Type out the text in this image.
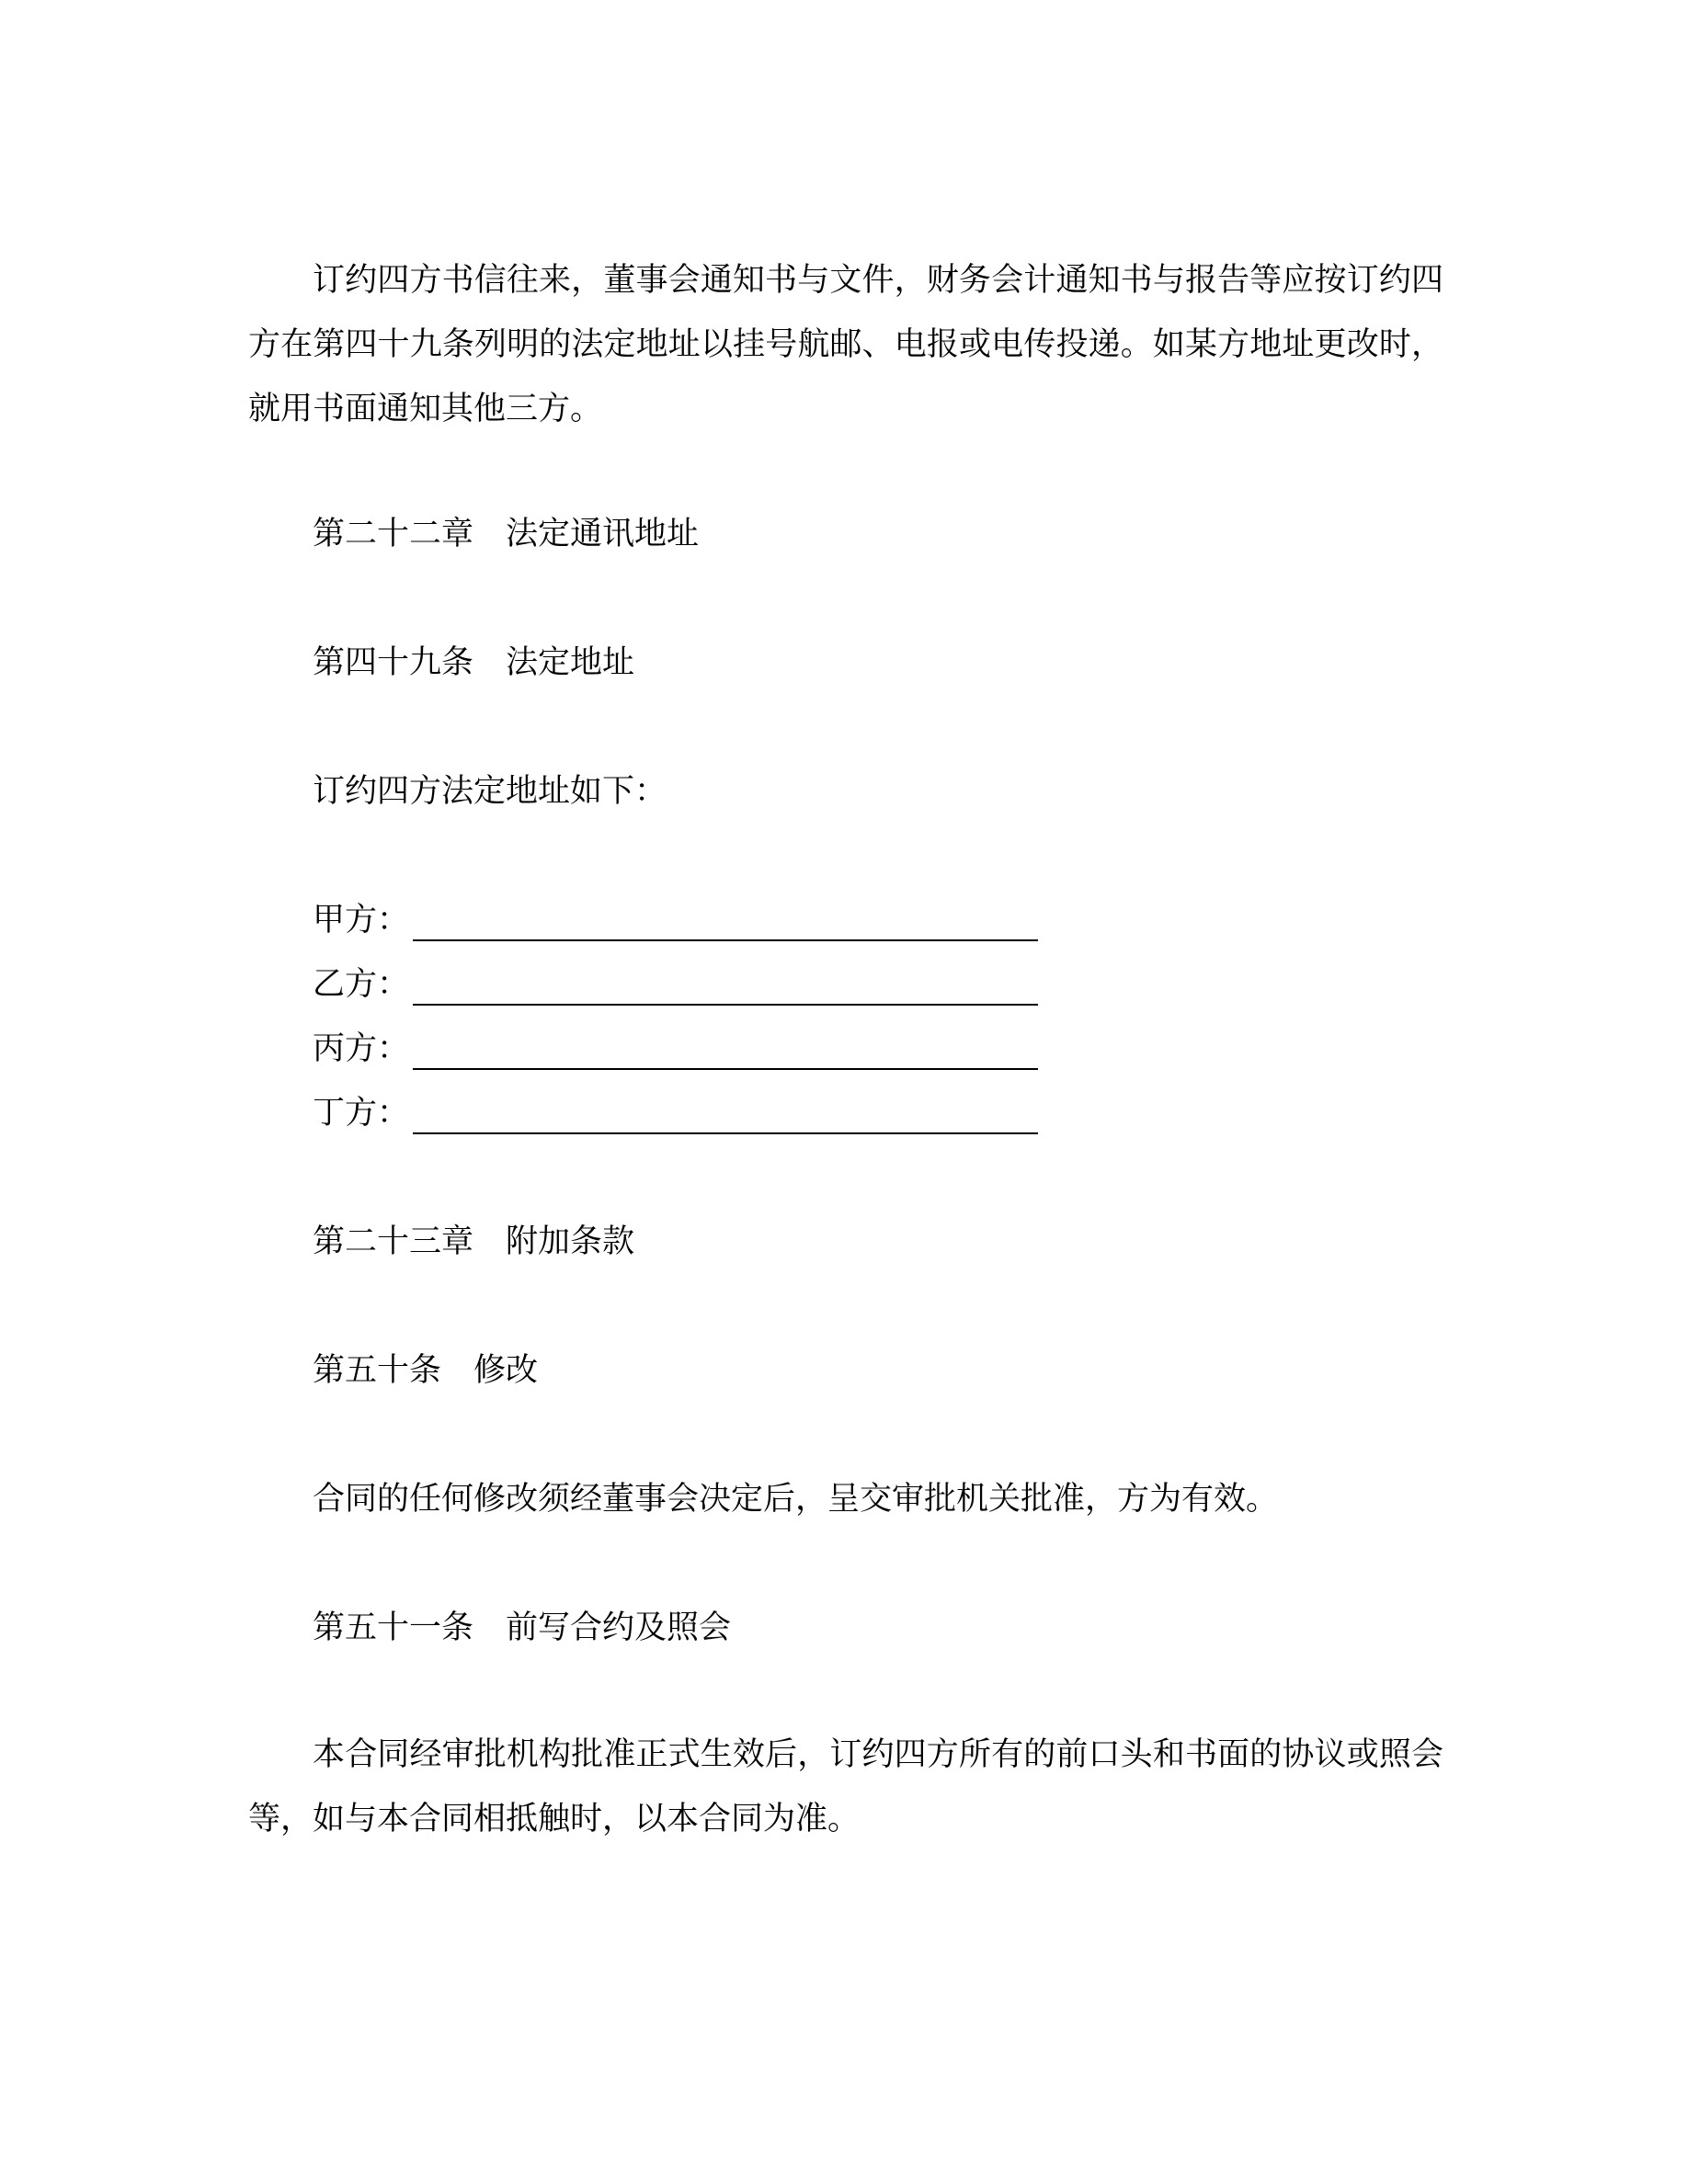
订约四方书信往来，董事会通知书与文件，财务会计通知书与报告等应按订约四方在第四十九条列明的法定地址以挂号航邮、电报或电传投递。如某方地址更改时，就用书面通知其他三方。

第二十二章 法定通讯地址

第四十九条 法定地址

订约四方法定地址如下：

甲方：
乙方：
丙方：
丁方：

第二十三章 附加条款

第五十条 修改

合同的任何修改须经董事会决定后，呈交审批机关批准，方为有效。

第五十一条 前写合约及照会

本合同经审批机构批准正式生效后，订约四方所有的前口头和书面的协议或照会等，如与本合同相抵触时，以本合同为准。
